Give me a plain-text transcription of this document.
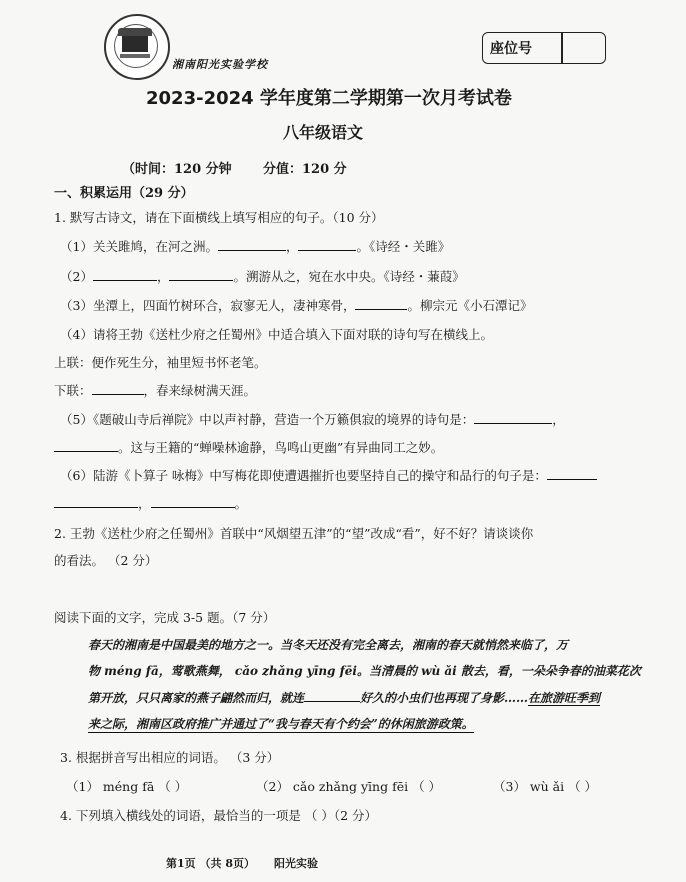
湘南阳光实验学校
座位号
2023-2024 学年度第二学期第一次月考试卷
八年级语文
（时间：120 分钟 分值：120 分
一、积累运用（29 分）
1. 默写古诗文，请在下面横线上填写相应的句子。（10 分）
（1）关关雎鸠，在河之洲。	，	。《诗经・关雎》
（2）	，	。溯游从之，宛在水中央。《诗经・蒹葭》
（3）坐潭上，四面竹树环合，寂寥无人，凄神寒骨，	。柳宗元《小石潭记》
（4）请将王勃《送杜少府之任蜀州》中适合填入下面对联的诗句写在横线上。
上联：便作死生分，袖里短书怀老笔。
下联：	，春来绿树满天涯。
（5）《题破山寺后禅院》中以声衬静，营造一个万籁俱寂的境界的诗句是：	，
。这与王籍的“蝉噪林逾静，鸟鸣山更幽”有异曲同工之妙。
（6）陆游《卜算子 咏梅》中写梅花即使遭遇摧折也要坚持自己的操守和品行的句子是：
，	。
2. 王勃《送杜少府之任蜀州》首联中“风烟望五津”的“望”改成“看”，好不好？请谈谈你
的看法。 （2 分）
阅读下面的文字，完成 3-5 题。（7 分）
春天的湘南是中国最美的地方之一。当冬天还没有完全离去，湘南的春天就悄然来临了，万
物 méng fā，莺歌燕舞， cǎo zhǎng yīng fēi。当清晨的 wù ǎi 散去，看，一朵朵争春的油菜花次
第开放，只只离家的燕子翩然而归，就连	好久的小虫们也再现了身影……在旅游旺季到
来之际，湘南区政府推广并通过了“我与春天有个约会”的休闲旅游政策。
3. 根据拼音写出相应的词语。 （3 分）
（1） méng fā （ ）	（2） cǎo zhǎng yīng fēi （ ）	（3） wù ǎi （ ）
4. 下列填入横线处的词语，最恰当的一项是 （ ）（2 分）
第1页 （共 8页） 阳光实验
